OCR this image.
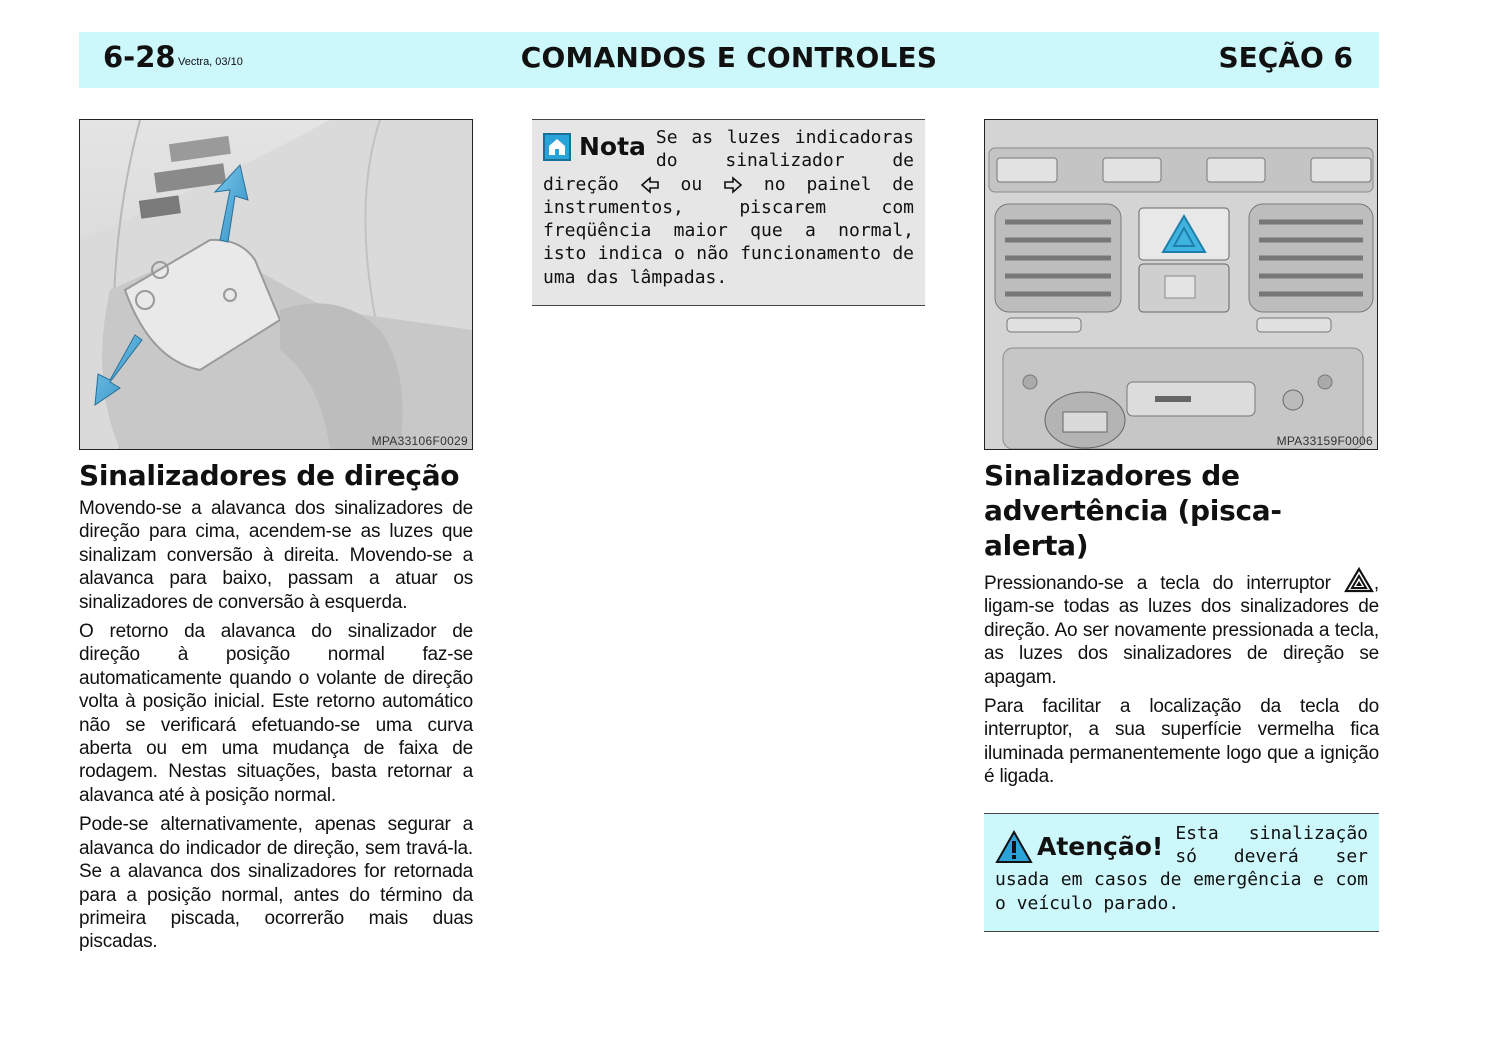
6-28 Vectra, 03/10	COMANDOS E CONTROLES	SEÇÃO 6
MPA33106F0029
Sinalizadores de direção

Movendo-se a alavanca dos sinalizadores de direção para cima, acendem-se as luzes que sinalizam conversão à direita. Movendo-se a alavanca para baixo, passam a atuar os sinalizadores de conversão à esquerda.

O retorno da alavanca do sinalizador de direção à posição normal faz-se automaticamente quando o volante de direção volta à posição inicial. Este retorno automático não se verificará efetuando-se uma curva aberta ou em uma mudança de faixa de rodagem. Nestas situações, basta retornar a alavanca até à posição normal.

Pode-se alternativamente, apenas segurar a alavanca do indicador de direção, sem travá-la. Se a alavanca dos sinalizadores for retornada para a posição normal, antes do término da primeira piscada, ocorrerão mais duas piscadas.

Nota Se as luzes indicadoras do sinalizador de direção	ou	no painel de instrumentos, piscarem com freqüência maior que a normal, isto indica o não funcionamento de uma das lâmpadas.

MPA33159F0006
Sinalizadores de advertência (pisca-alerta)

Pressionando-se a tecla do interruptor , ligam-se todas as luzes dos sinalizadores de direção. Ao ser novamente pressionada a tecla, as luzes dos sinalizadores de direção se apagam.

Para facilitar a localização da tecla do interruptor, a sua superfície vermelha fica iluminada permanentemente logo que a ignição é ligada.

Atenção! Esta sinalização só deverá ser usada em casos de emergência e com o veículo parado.
